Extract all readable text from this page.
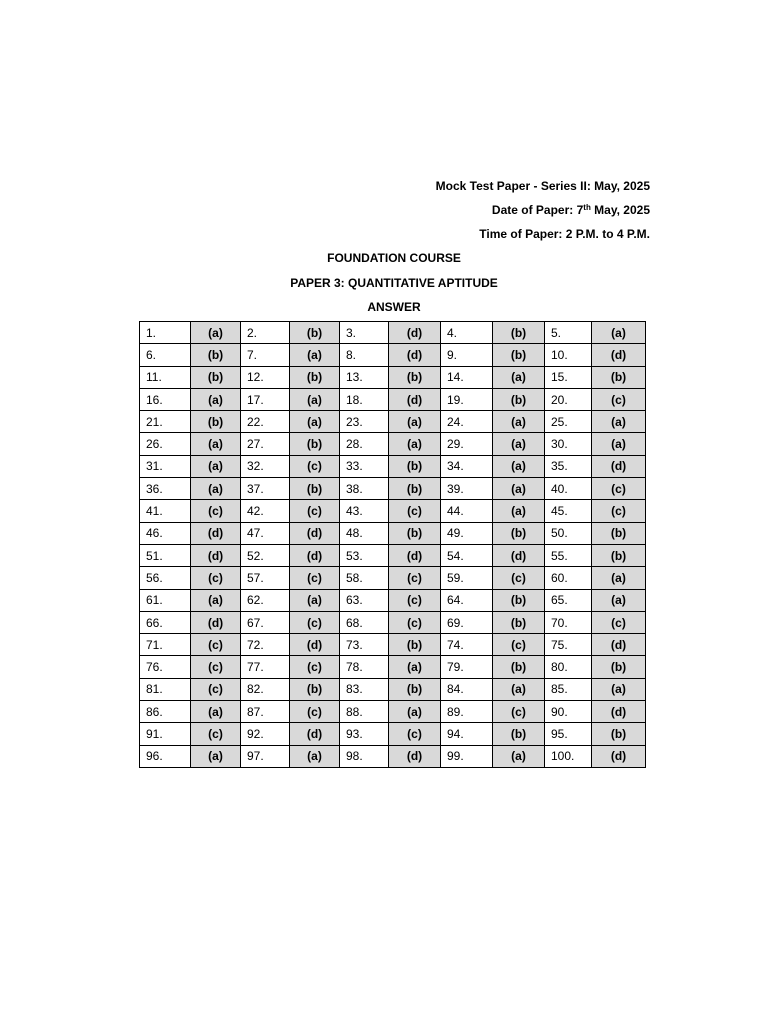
Mock Test Paper - Series II: May, 2025
Date of Paper: 7th May, 2025
Time of Paper: 2 P.M. to 4 P.M.
FOUNDATION COURSE
PAPER 3: QUANTITATIVE APTITUDE
ANSWER
1.	(a)	2.	(b)	3.	(d)	4.	(b)	5.	(a)
6.	(b)	7.	(a)	8.	(d)	9.	(b)	10.	(d)
11.	(b)	12.	(b)	13.	(b)	14.	(a)	15.	(b)
16.	(a)	17.	(a)	18.	(d)	19.	(b)	20.	(c)
21.	(b)	22.	(a)	23.	(a)	24.	(a)	25.	(a)
26.	(a)	27.	(b)	28.	(a)	29.	(a)	30.	(a)
31.	(a)	32.	(c)	33.	(b)	34.	(a)	35.	(d)
36.	(a)	37.	(b)	38.	(b)	39.	(a)	40.	(c)
41.	(c)	42.	(c)	43.	(c)	44.	(a)	45.	(c)
46.	(d)	47.	(d)	48.	(b)	49.	(b)	50.	(b)
51.	(d)	52.	(d)	53.	(d)	54.	(d)	55.	(b)
56.	(c)	57.	(c)	58.	(c)	59.	(c)	60.	(a)
61.	(a)	62.	(a)	63.	(c)	64.	(b)	65.	(a)
66.	(d)	67.	(c)	68.	(c)	69.	(b)	70.	(c)
71.	(c)	72.	(d)	73.	(b)	74.	(c)	75.	(d)
76.	(c)	77.	(c)	78.	(a)	79.	(b)	80.	(b)
81.	(c)	82.	(b)	83.	(b)	84.	(a)	85.	(a)
86.	(a)	87.	(c)	88.	(a)	89.	(c)	90.	(d)
91.	(c)	92.	(d)	93.	(c)	94.	(b)	95.	(b)
96.	(a)	97.	(a)	98.	(d)	99.	(a)	100.	(d)
